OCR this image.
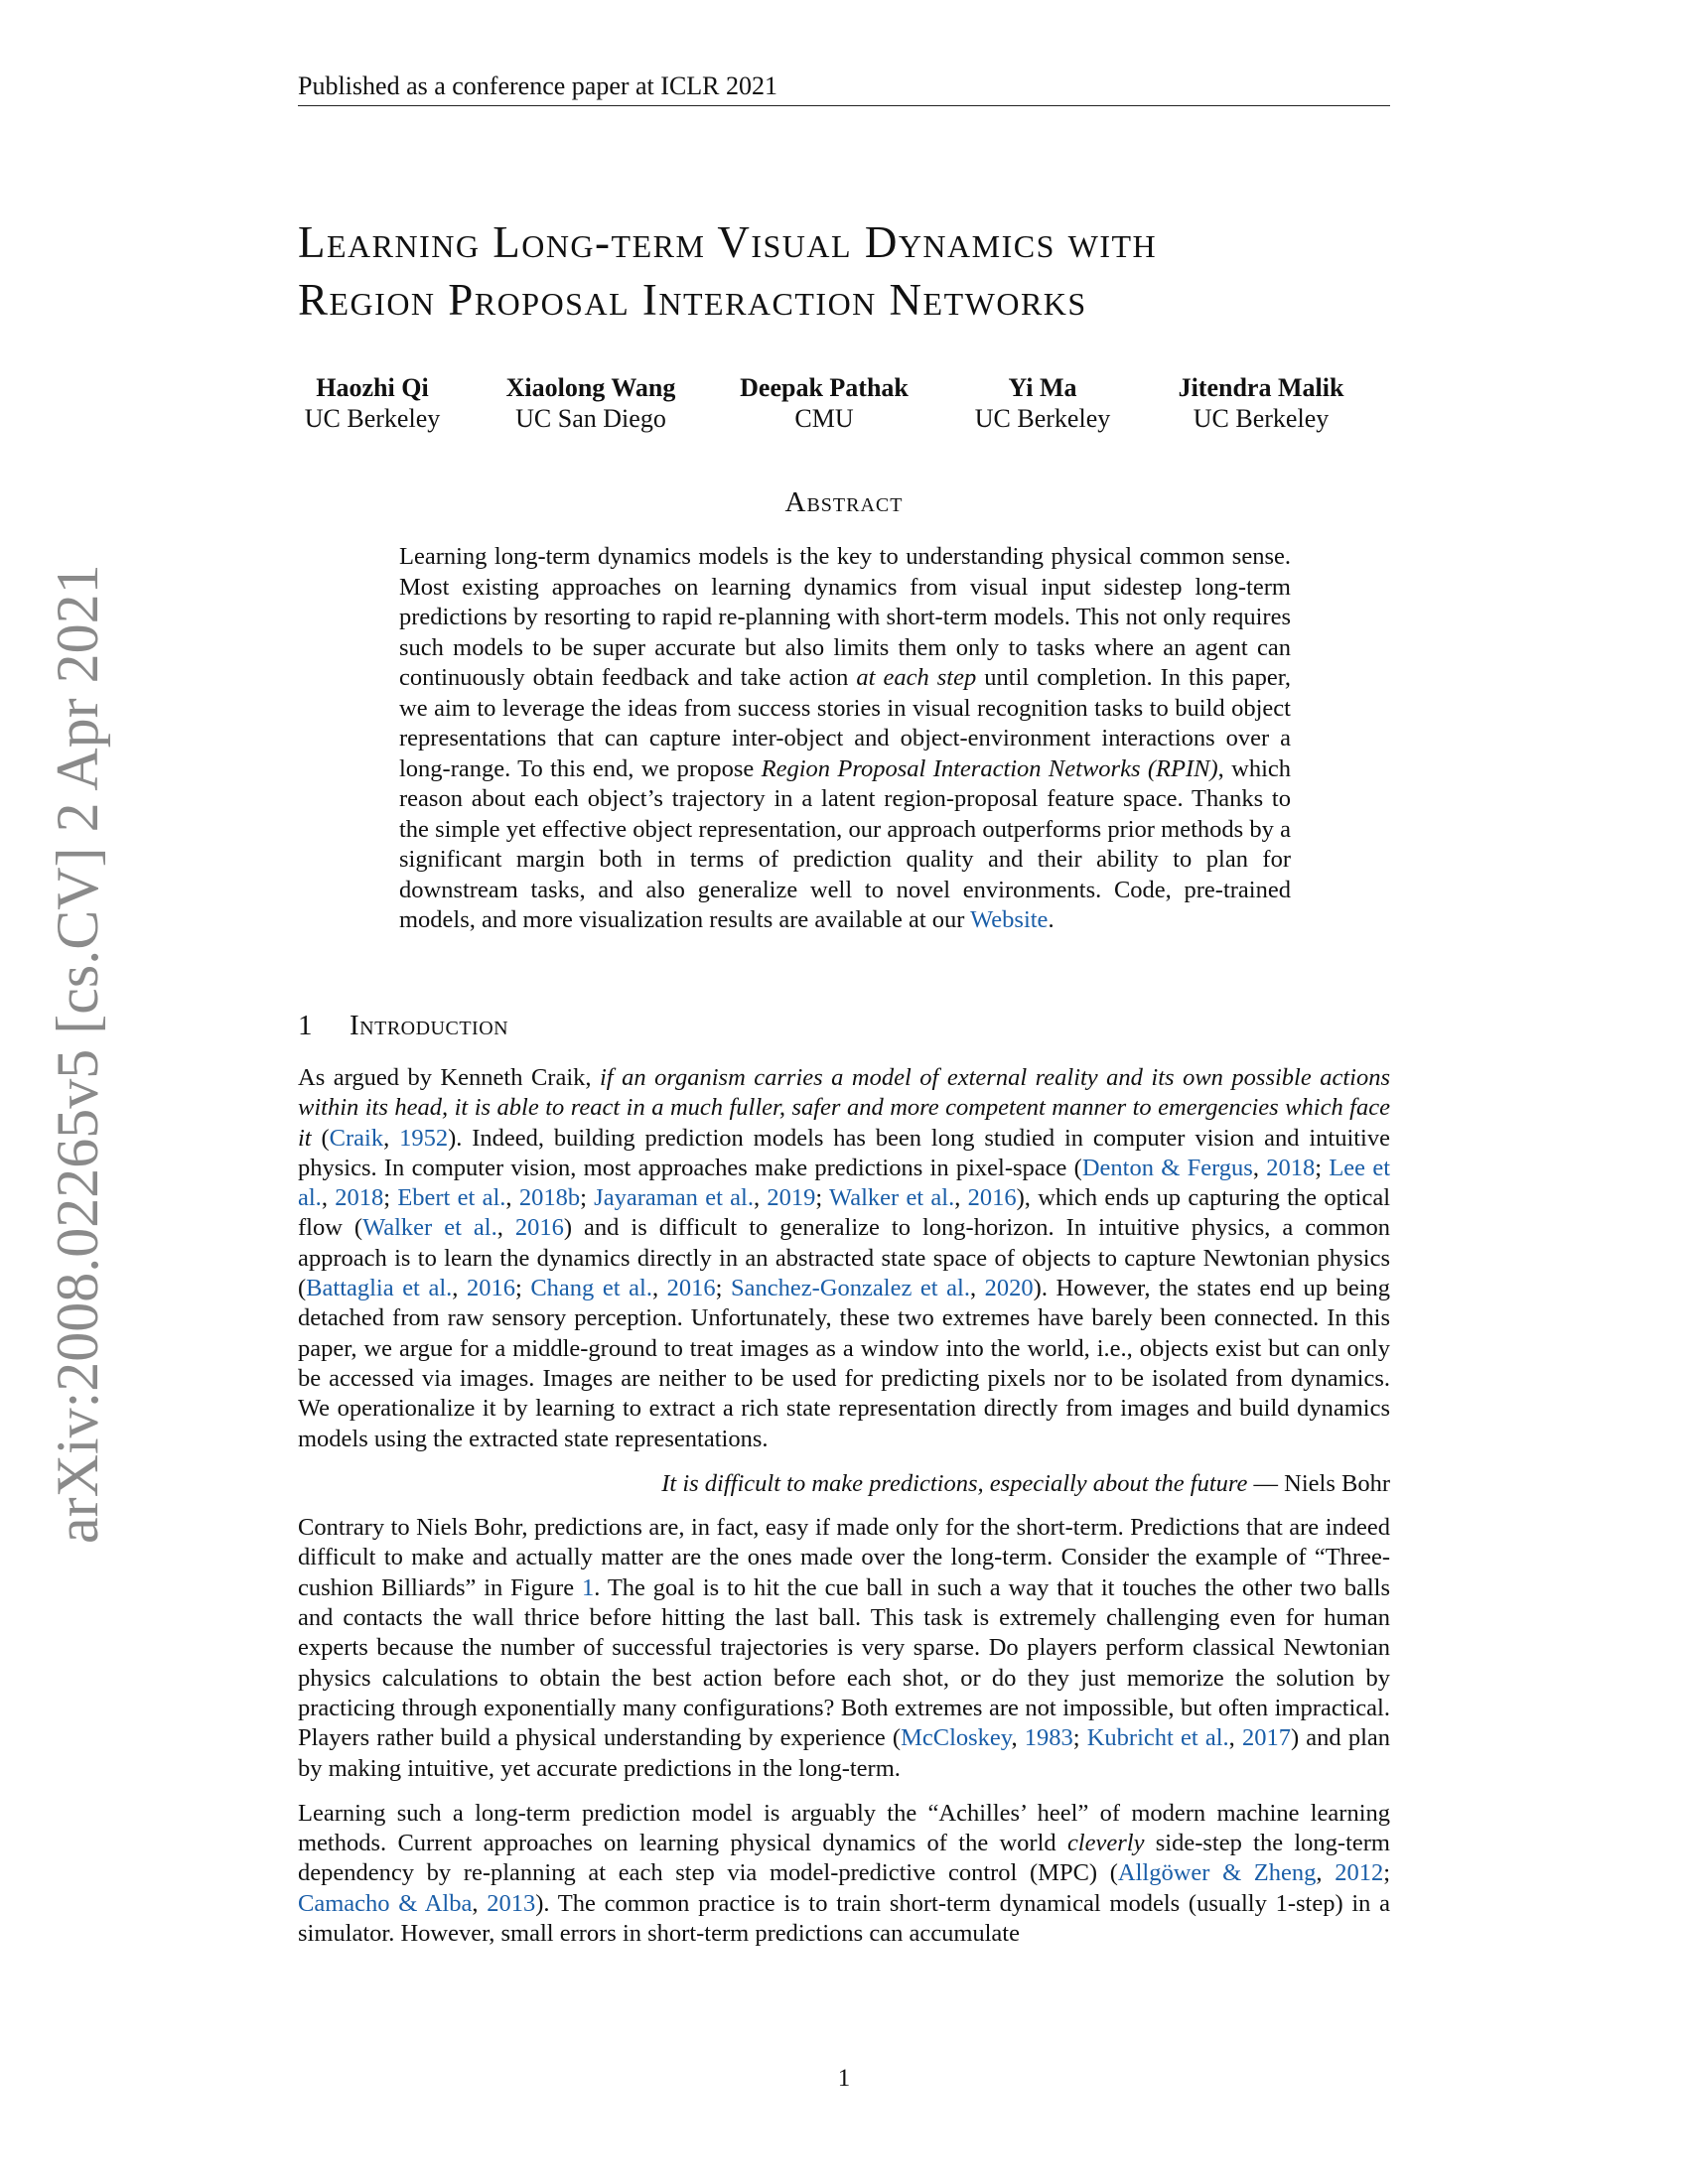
arXiv:2008.02265v5 [cs.CV] 2 Apr 2021
Published as a conference paper at ICLR 2021
Learning Long-term Visual Dynamics with
Region Proposal Interaction Networks
Haozhi Qi
UC Berkeley
Xiaolong Wang
UC San Diego
Deepak Pathak
CMU
Yi Ma
UC Berkeley
Jitendra Malik
UC Berkeley
Abstract
Learning long-term dynamics models is the key to understanding physical common sense. Most existing approaches on learning dynamics from visual input sidestep long-term predictions by resorting to rapid re-planning with short-term models. This not only requires such models to be super accurate but also limits them only to tasks where an agent can continuously obtain feedback and take action at each step until completion. In this paper, we aim to leverage the ideas from success stories in visual recognition tasks to build object representations that can capture inter-object and object-environment interactions over a long-range. To this end, we propose Region Proposal Interaction Networks (RPIN), which reason about each object’s trajectory in a latent region-proposal feature space. Thanks to the simple yet effective object representation, our approach outperforms prior methods by a significant margin both in terms of prediction quality and their ability to plan for downstream tasks, and also generalize well to novel environments. Code, pre-trained models, and more visualization results are available at our Website.
1 Introduction

As argued by Kenneth Craik, if an organism carries a model of external reality and its own possible actions within its head, it is able to react in a much fuller, safer and more competent manner to emergencies which face it (Craik, 1952). Indeed, building prediction models has been long studied in computer vision and intuitive physics. In computer vision, most approaches make predictions in pixel-space (Denton & Fergus, 2018; Lee et al., 2018; Ebert et al., 2018b; Jayaraman et al., 2019; Walker et al., 2016), which ends up capturing the optical flow (Walker et al., 2016) and is difficult to generalize to long-horizon. In intuitive physics, a common approach is to learn the dynamics directly in an abstracted state space of objects to capture Newtonian physics (Battaglia et al., 2016; Chang et al., 2016; Sanchez-Gonzalez et al., 2020). However, the states end up being detached from raw sensory perception. Unfortunately, these two extremes have barely been connected. In this paper, we argue for a middle-ground to treat images as a window into the world, i.e., objects exist but can only be accessed via images. Images are neither to be used for predicting pixels nor to be isolated from dynamics. We operationalize it by learning to extract a rich state representation directly from images and build dynamics models using the extracted state representations.

It is difficult to make predictions, especially about the future — Niels Bohr

Contrary to Niels Bohr, predictions are, in fact, easy if made only for the short-term. Predictions that are indeed difficult to make and actually matter are the ones made over the long-term. Consider the example of “Three-cushion Billiards” in Figure 1. The goal is to hit the cue ball in such a way that it touches the other two balls and contacts the wall thrice before hitting the last ball. This task is extremely challenging even for human experts because the number of successful trajectories is very sparse. Do players perform classical Newtonian physics calculations to obtain the best action before each shot, or do they just memorize the solution by practicing through exponentially many configurations? Both extremes are not impossible, but often impractical. Players rather build a physical understanding by experience (McCloskey, 1983; Kubricht et al., 2017) and plan by making intuitive, yet accurate predictions in the long-term.

Learning such a long-term prediction model is arguably the “Achilles’ heel” of modern machine learning methods. Current approaches on learning physical dynamics of the world cleverly side-step the long-term dependency by re-planning at each step via model-predictive control (MPC) (Allgöwer & Zheng, 2012; Camacho & Alba, 2013). The common practice is to train short-term dynamical models (usually 1-step) in a simulator. However, small errors in short-term predictions can accumulate

1
